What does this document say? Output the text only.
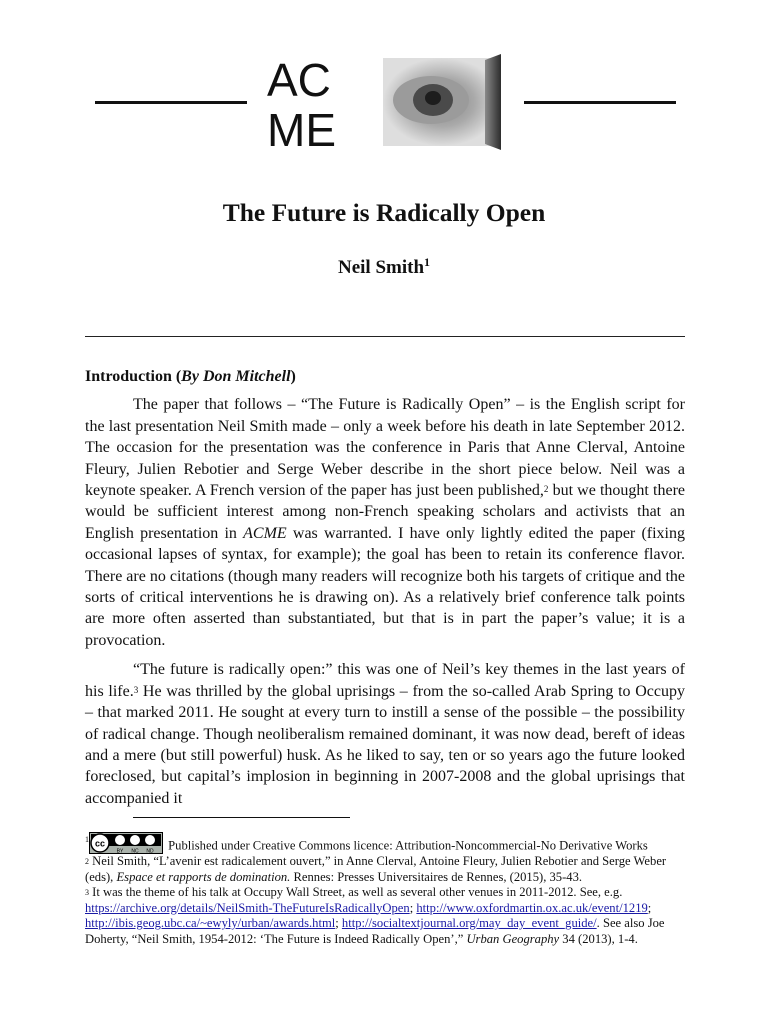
AC
ME
The Future is Radically Open
Neil Smith$^1$

Introduction (By Don Mitchell)

The paper that follows – “The Future is Radically Open” – is the English script for the last presentation Neil Smith made – only a week before his death in late September 2012. The occasion for the presentation was the conference in Paris that Anne Clerval, Antoine Fleury, Julien Rebotier and Serge Weber describe in the short piece below. Neil was a keynote speaker. A French version of the paper has just been published,$^2$ but we thought there would be sufficient interest among non-French speaking scholars and activists that an English presentation in ACME was warranted. I have only lightly edited the paper (fixing occasional lapses of syntax, for example); the goal has been to retain its conference flavor. There are no citations (though many readers will recognize both his targets of critique and the sorts of critical interventions he is drawing on). As a relatively brief conference talk points are more often asserted than substantiated, but that is in part the paper’s value; it is a provocation.

“The future is radically open:” this was one of Neil’s key themes in the last years of his life.$^3$ He was thrilled by the global uprisings – from the so-called Arab Spring to Occupy – that marked 2011. He sought at every turn to instill a sense of the possible – the possibility of radical change. Though neoliberalism remained dominant, it was now dead, bereft of ideas and a mere (but still powerful) husk. As he liked to say, ten or so years ago the future looked foreclosed, but capital’s implosion in beginning in 2007-2008 and the global uprisings that accompanied it

$^1$ cc
BY NC ND Published under Creative Commons licence: Attribution-Noncommercial-No Derivative Works

$^2$ Neil Smith, “L’avenir est radicalement ouvert,” in Anne Clerval, Antoine Fleury, Julien Rebotier and Serge Weber (eds), Espace et rapports de domination. Rennes: Presses Universitaires de Rennes, (2015), 35-43.

$^3$ It was the theme of his talk at Occupy Wall Street, as well as several other venues in 2011-2012. See, e.g. https://archive.org/details/NeilSmith-TheFutureIsRadicallyOpen; http://www.oxfordmartin.ox.ac.uk/event/1219; http://ibis.geog.ubc.ca/~ewyly/urban/awards.html; http://socialtextjournal.org/may_day_event_guide/. See also Joe Doherty, “Neil Smith, 1954-2012: ‘The Future is Indeed Radically Open’,” Urban Geography 34 (2013), 1-4.
